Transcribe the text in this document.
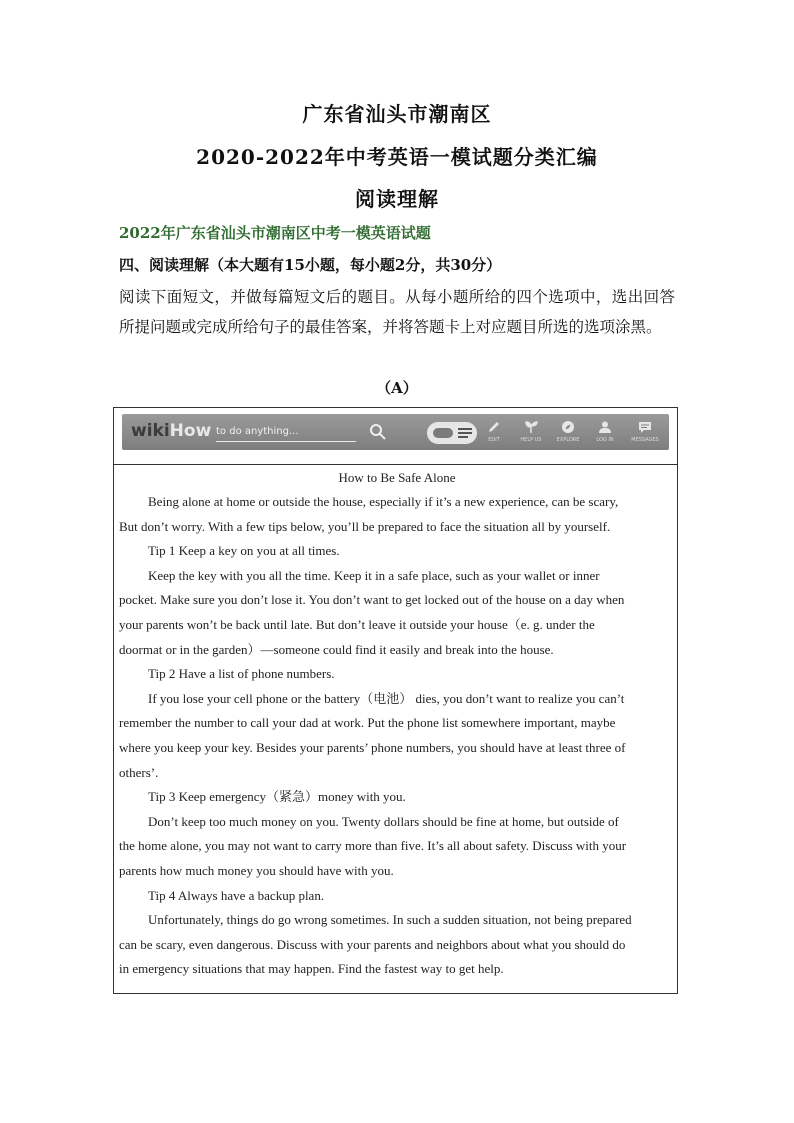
广东省汕头市潮南区
2020-2022年中考英语一模试题分类汇编
阅读理解
2022年广东省汕头市潮南区中考一模英语试题
四、阅读理解（本大题有15小题，每小题2分，共30分）
阅读下面短文，并做每篇短文后的题目。从每小题所给的四个选项中，选出回答所提问题或完成所给句子的最佳答案，并将答题卡上对应题目所选的选项涂黑。
（A）
wikiHow to do anything...
EDIT	HELP US	EXPLORE	LOG IN	MESSAGES

How to Be Safe Alone

Being alone at home or outside the house, especially if it’s a new experience, can be scary,

But don’t worry. With a few tips below, you’ll be prepared to face the situation all by yourself.

Tip 1 Keep a key on you at all times.

Keep the key with you all the time. Keep it in a safe place, such as your wallet or inner

pocket. Make sure you don’t lose it. You don’t want to get locked out of the house on a day when

your parents won’t be back until late. But don’t leave it outside your house（e. g. under the

doormat or in the garden）—someone could find it easily and break into the house.

Tip 2 Have a list of phone numbers.

If you lose your cell phone or the battery（电池） dies, you don’t want to realize you can’t

remember the number to call your dad at work. Put the phone list somewhere important, maybe

where you keep your key. Besides your parents’ phone numbers, you should have at least three of

others’.

Tip 3 Keep emergency（紧急）money with you.

Don’t keep too much money on you. Twenty dollars should be fine at home, but outside of

the home alone, you may not want to carry more than five. It’s all about safety. Discuss with your

parents how much money you should have with you.

Tip 4 Always have a backup plan.

Unfortunately, things do go wrong sometimes. In such a sudden situation, not being prepared

can be scary, even dangerous. Discuss with your parents and neighbors about what you should do

in emergency situations that may happen. Find the fastest way to get help.
